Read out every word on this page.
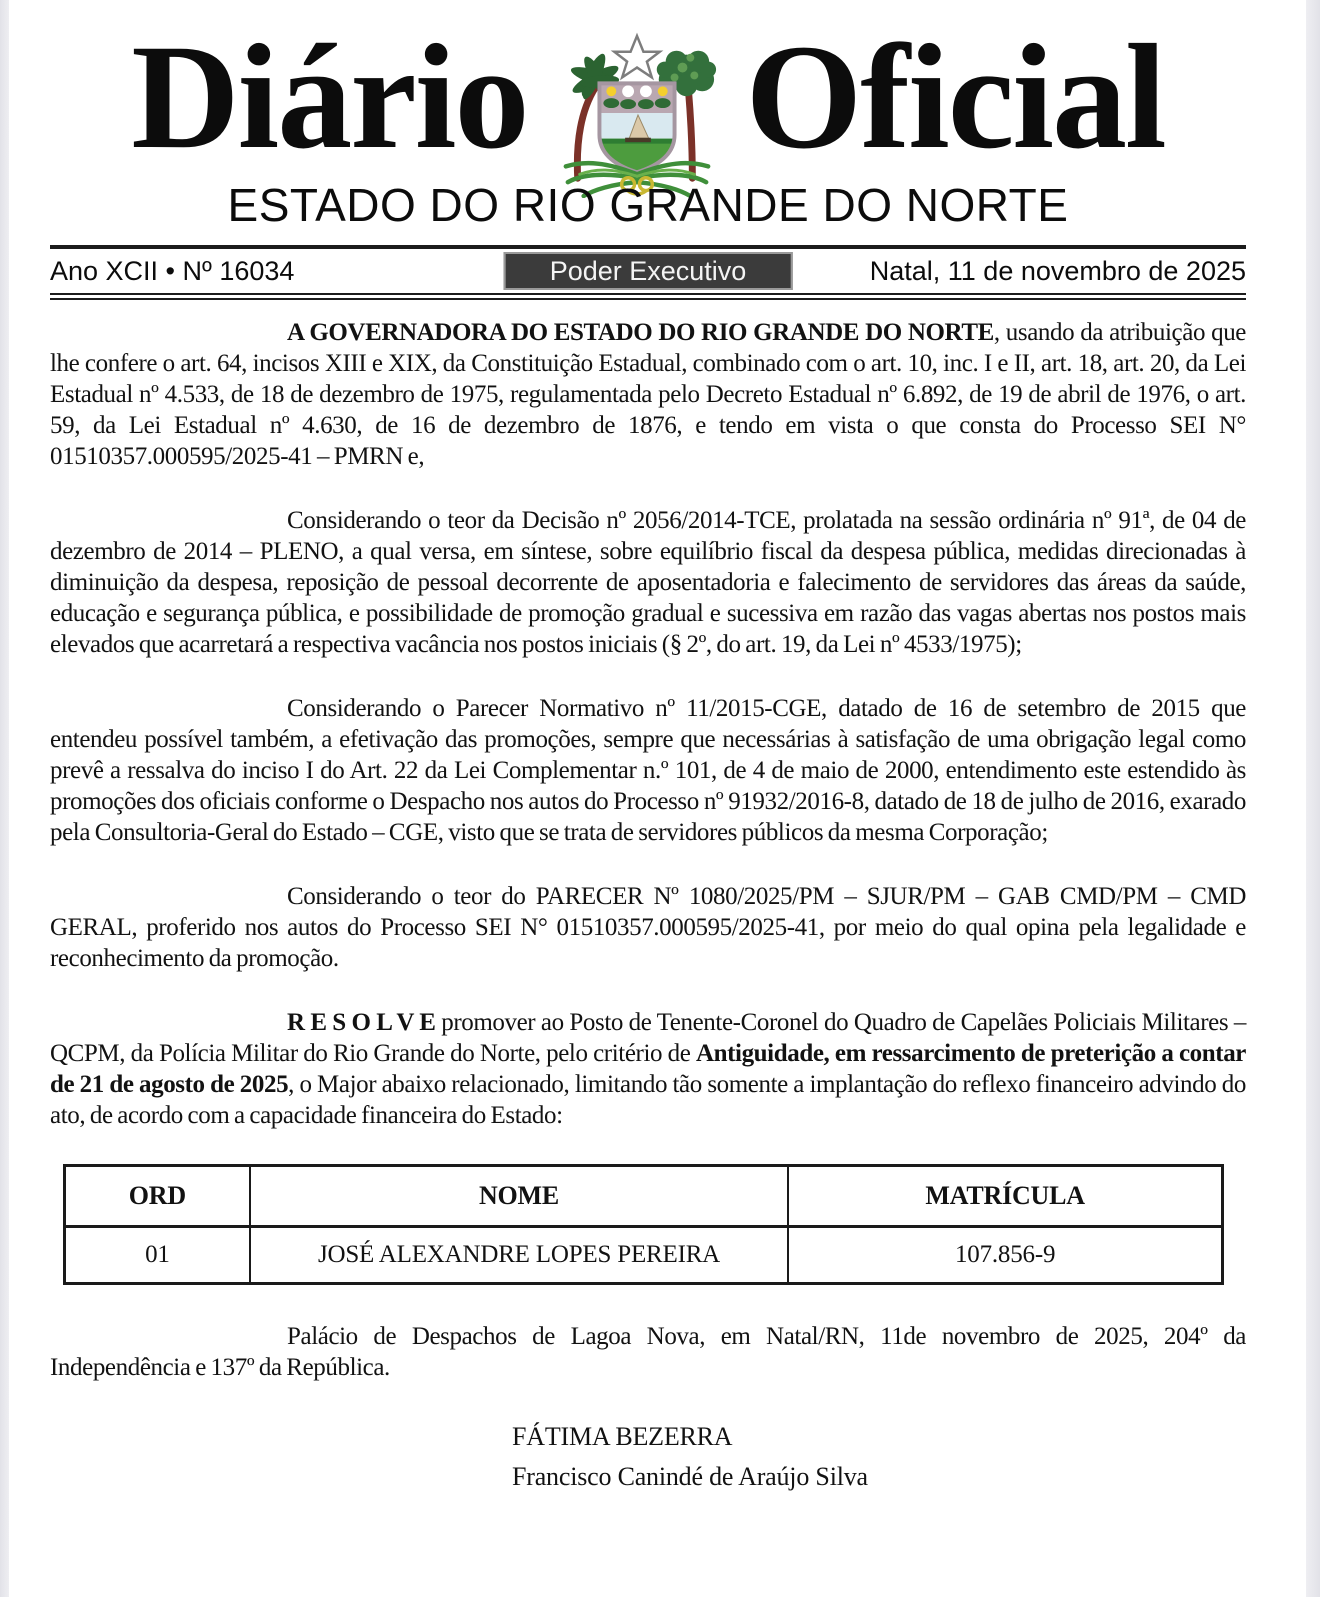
Diário Oficial
ESTADO DO RIO GRANDE DO NORTE
Ano XCII • Nº 16034	Poder Executivo	Natal, 11 de novembro de 2025

A GOVERNADORA DO ESTADO DO RIO GRANDE DO NORTE, usando da atribuição que lhe confere o art. 64, incisos XIII e XIX, da Constituição Estadual, combinado com o art. 10, inc. I e II, art. 18, art. 20, da Lei Estadual nº 4.533, de 18 de dezembro de 1975, regulamentada pelo Decreto Estadual nº 6.892, de 19 de abril de 1976, o art. 59, da Lei Estadual nº 4.630, de 16 de dezembro de 1876, e tendo em vista o que consta do Processo SEI N° 01510357.000595/2025-41 – PMRN e,

Considerando o teor da Decisão nº 2056/2014-TCE, prolatada na sessão ordinária nº 91ª, de 04 de dezembro de 2014 – PLENO, a qual versa, em síntese, sobre equilíbrio fiscal da despesa pública, medidas direcionadas à diminuição da despesa, reposição de pessoal decorrente de aposentadoria e falecimento de servidores das áreas da saúde, educação e segurança pública, e possibilidade de promoção gradual e sucessiva em razão das vagas abertas nos postos mais elevados que acarretará a respectiva vacância nos postos iniciais (§ 2º, do art. 19, da Lei nº 4533/1975);

Considerando o Parecer Normativo nº 11/2015-CGE, datado de 16 de setembro de 2015 que entendeu possível também, a efetivação das promoções, sempre que necessárias à satisfação de uma obrigação legal como prevê a ressalva do inciso I do Art. 22 da Lei Complementar n.º 101, de 4 de maio de 2000, entendimento este estendido às promoções dos oficiais conforme o Despacho nos autos do Processo nº 91932/2016-8, datado de 18 de julho de 2016, exarado pela Consultoria-Geral do Estado – CGE, visto que se trata de servidores públicos da mesma Corporação;

Considerando o teor do PARECER Nº 1080/2025/PM – SJUR/PM – GAB CMD/PM – CMD GERAL, proferido nos autos do Processo SEI N° 01510357.000595/2025-41, por meio do qual opina pela legalidade e reconhecimento da promoção.

R E S O L V E promover ao Posto de Tenente-Coronel do Quadro de Capelães Policiais Militares – QCPM, da Polícia Militar do Rio Grande do Norte, pelo critério de Antiguidade, em ressarcimento de preterição a contar de 21 de agosto de 2025, o Major abaixo relacionado, limitando tão somente a implantação do reflexo financeiro advindo do ato, de acordo com a capacidade financeira do Estado:

ORD	NOME	MATRÍCULA
01	JOSÉ ALEXANDRE LOPES PEREIRA	107.856-9

Palácio de Despachos de Lagoa Nova, em Natal/RN, 11de novembro de 2025, 204º da Independência e 137º da República.

FÁTIMA BEZERRA
Francisco Canindé de Araújo Silva
